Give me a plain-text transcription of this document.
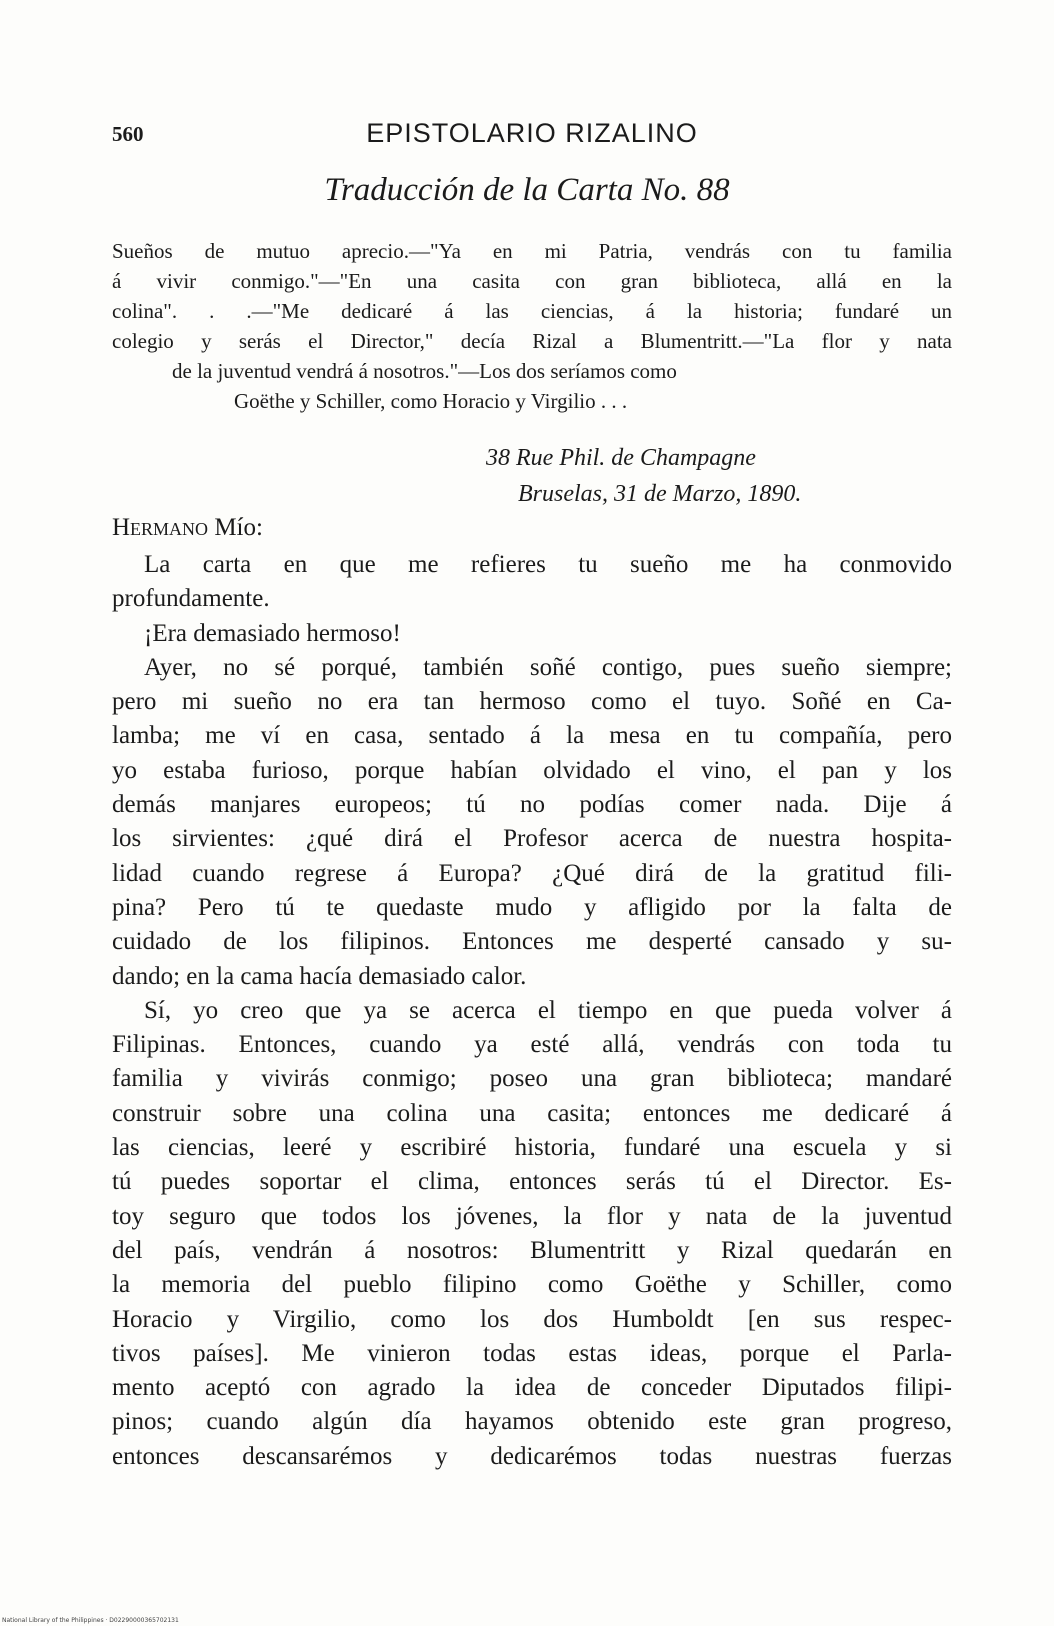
560	EPISTOLARIO RIZALINO
Traducción de la Carta No. 88
Sueños de mutuo aprecio.—"Ya en mi Patria, vendrás con tu familia
á vivir conmigo."—"En una casita con gran biblioteca, allá en la
colina". . .—"Me dedicaré á las ciencias, á la historia; fundaré un
colegio y serás el Director," decía Rizal a Blumentritt.—"La flor y nata
de la juventud vendrá á nosotros."—Los dos seríamos como
Goëthe y Schiller, como Horacio y Virgilio . . .
38 Rue Phil. de Champagne
Bruselas, 31 de Marzo, 1890.
Hermano Mío:
La carta en que me refieres tu sueño me ha conmovido
profundamente.
¡Era demasiado hermoso!
Ayer, no sé porqué, también soñé contigo, pues sueño siempre;
pero mi sueño no era tan hermoso como el tuyo. Soñé en Ca-
lamba; me ví en casa, sentado á la mesa en tu compañía, pero
yo estaba furioso, porque habían olvidado el vino, el pan y los
demás manjares europeos; tú no podías comer nada. Dije á
los sirvientes: ¿qué dirá el Profesor acerca de nuestra hospita-
lidad cuando regrese á Europa? ¿Qué dirá de la gratitud fili-
pina? Pero tú te quedaste mudo y afligido por la falta de
cuidado de los filipinos. Entonces me desperté cansado y su-
dando; en la cama hacía demasiado calor.
Sí, yo creo que ya se acerca el tiempo en que pueda volver á
Filipinas. Entonces, cuando ya esté allá, vendrás con toda tu
familia y vivirás conmigo; poseo una gran biblioteca; mandaré
construir sobre una colina una casita; entonces me dedicaré á
las ciencias, leeré y escribiré historia, fundaré una escuela y si
tú puedes soportar el clima, entonces serás tú el Director. Es-
toy seguro que todos los jóvenes, la flor y nata de la juventud
del país, vendrán á nosotros: Blumentritt y Rizal quedarán en
la memoria del pueblo filipino como Goëthe y Schiller, como
Horacio y Virgilio, como los dos Humboldt [en sus respec-
tivos países]. Me vinieron todas estas ideas, porque el Parla-
mento aceptó con agrado la idea de conceder Diputados filipi-
pinos; cuando algún día hayamos obtenido este gran progreso,
entonces descansarémos y dedicarémos todas nuestras fuerzas
National Library of the Philippines · D02290000365702131
